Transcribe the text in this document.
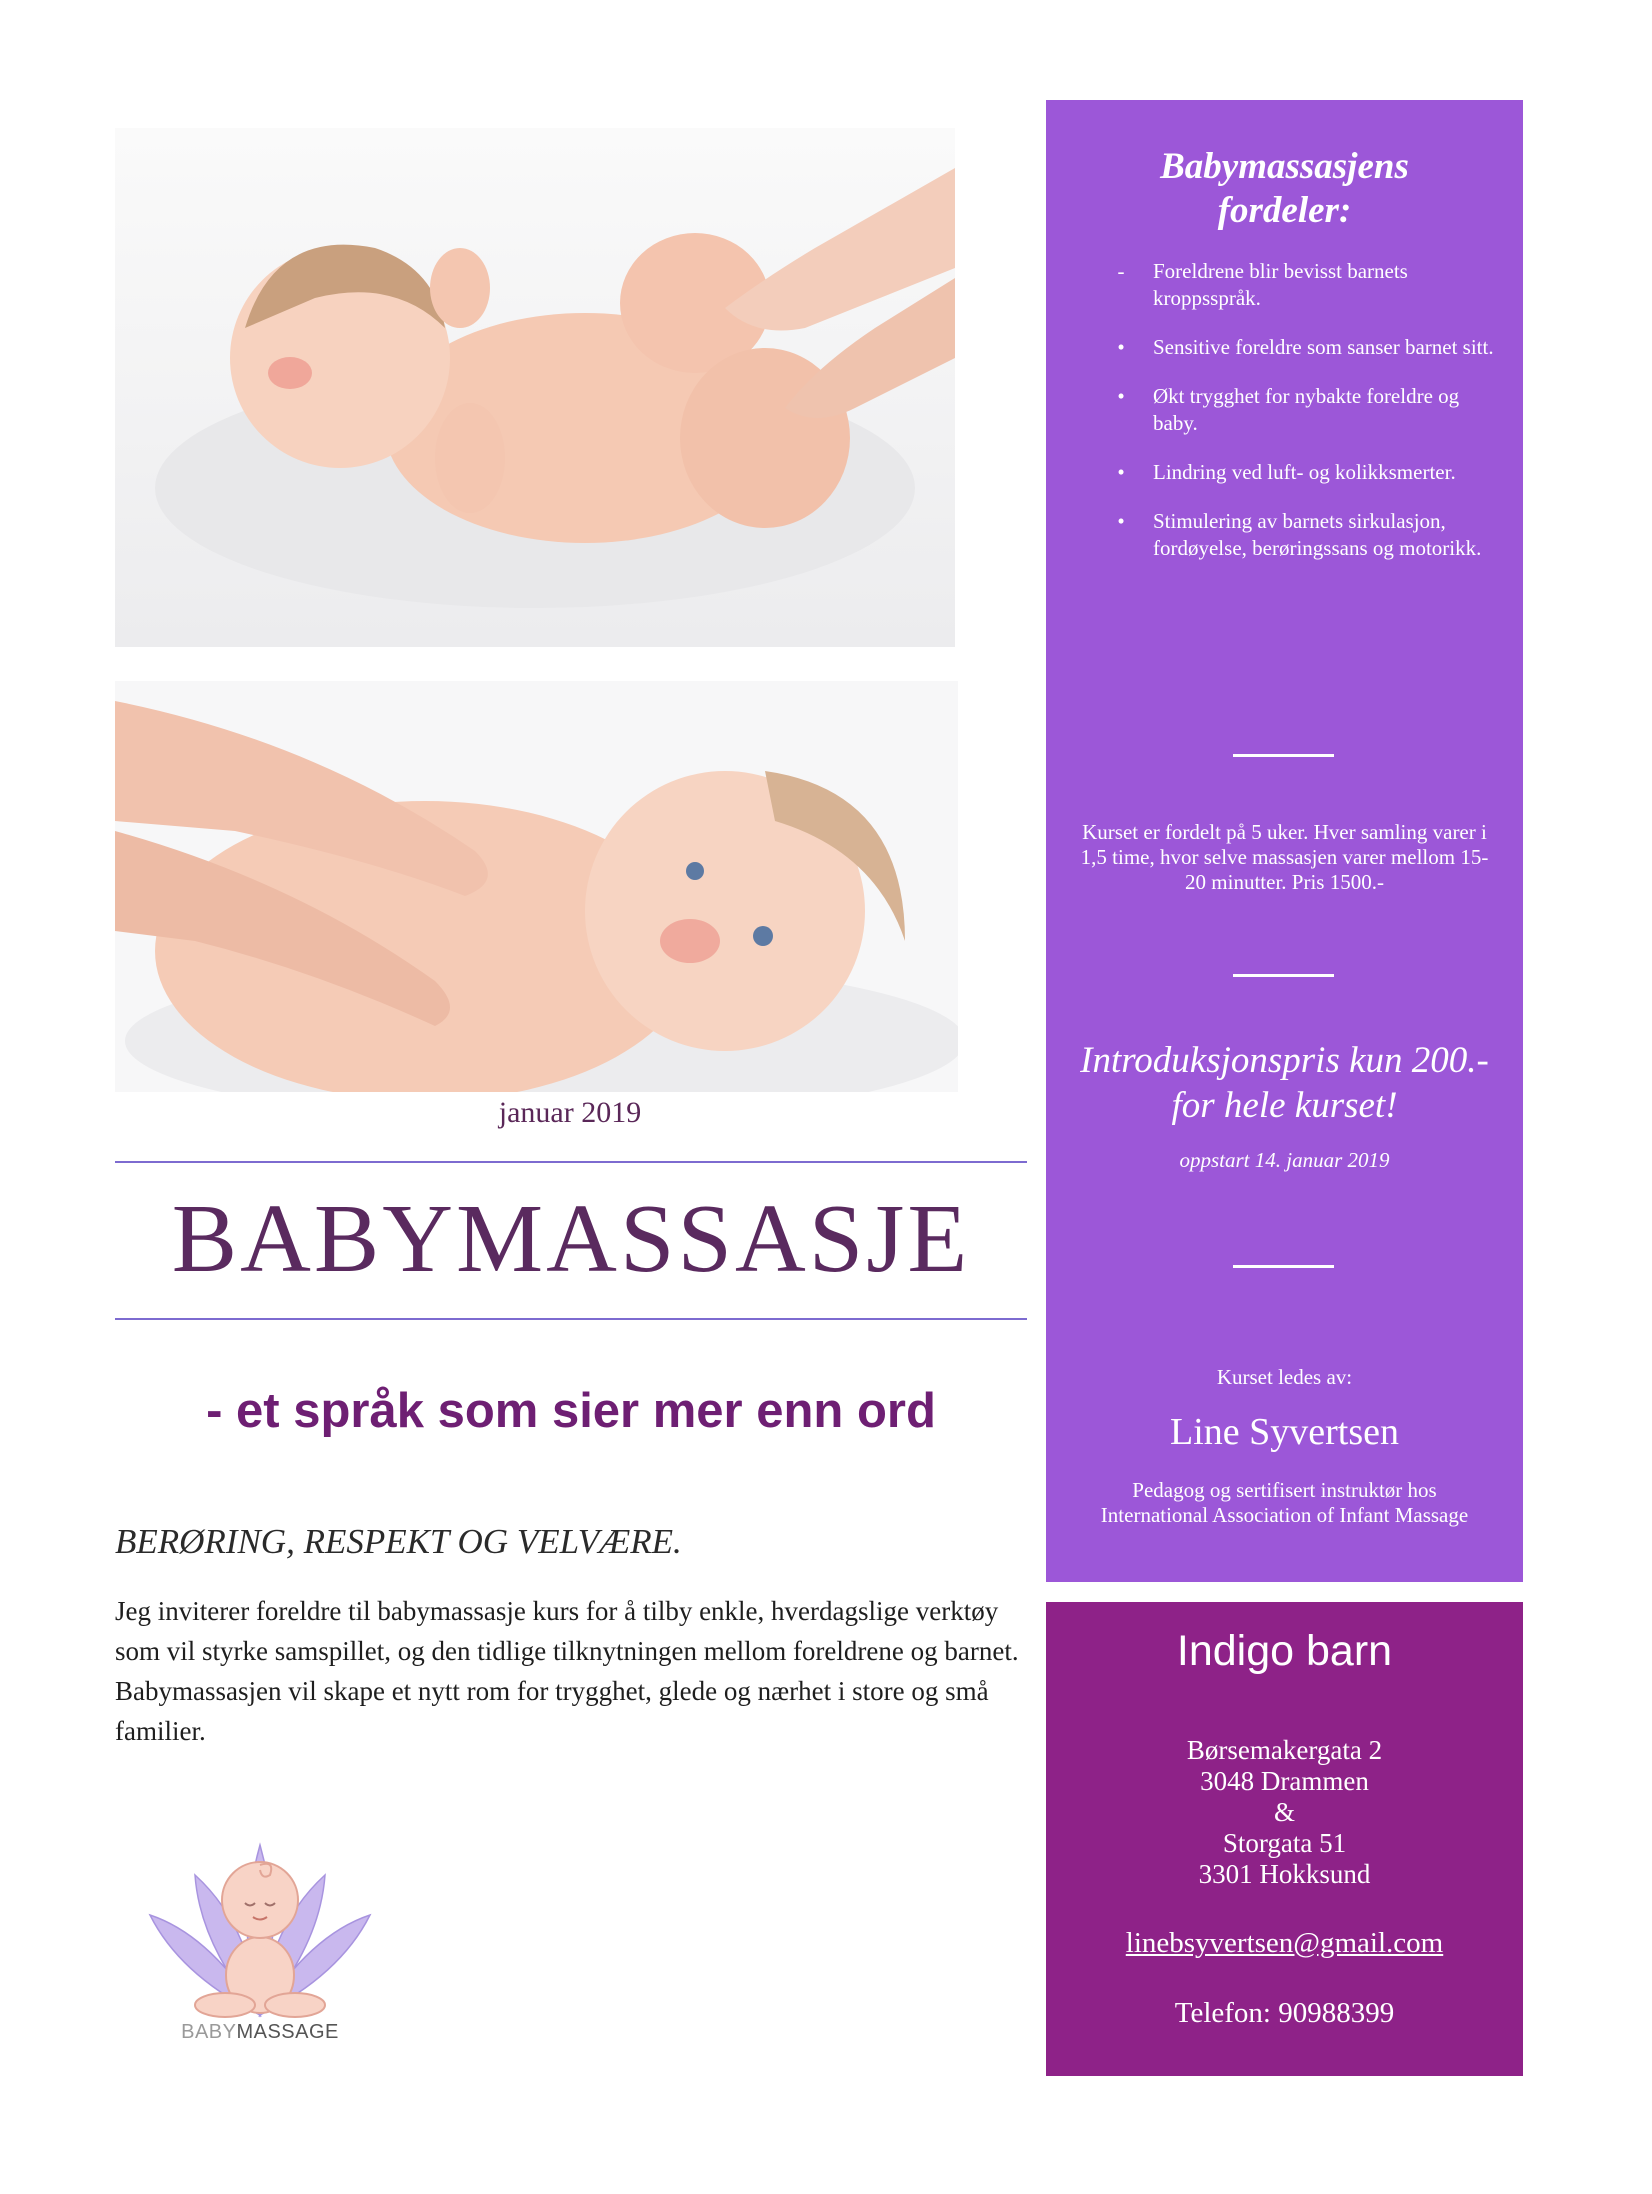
januar 2019
BABYMASSASJE
- et språk som sier mer enn ord
BERØRING, RESPEKT OG VELVÆRE.
Jeg inviterer foreldre til babymassasje kurs for å tilby enkle, hverdagslige verktøy som vil styrke samspillet, og den tidlige tilknytningen mellom foreldrene og barnet. Babymassasjen vil skape et nytt rom for trygghet, glede og nærhet i store og små familier.
BABYMASSAGE
Babymassasjens
fordeler:
-	Foreldrene blir bevisst barnets kroppsspråk.
•	Sensitive foreldre som sanser barnet sitt.
•	Økt trygghet for nybakte foreldre og baby.
•	Lindring ved luft- og kolikksmerter.
•	Stimulering av barnets sirkulasjon, fordøyelse, berøringssans og motorikk.
Kurset er fordelt på 5 uker. Hver samling varer i 1,5 time, hvor selve massasjen varer mellom 15-20 minutter. Pris 1500.-
Introduksjonspris kun 200.- for hele kurset!
oppstart 14. januar 2019
Kurset ledes av:
Line Syvertsen
Pedagog og sertifisert instruktør hos International Association of Infant Massage
Indigo barn
Børsemakergata 2
3048 Drammen
&
Storgata 51
3301 Hokksund
linebsyvertsen@gmail.com
Telefon: 90988399
